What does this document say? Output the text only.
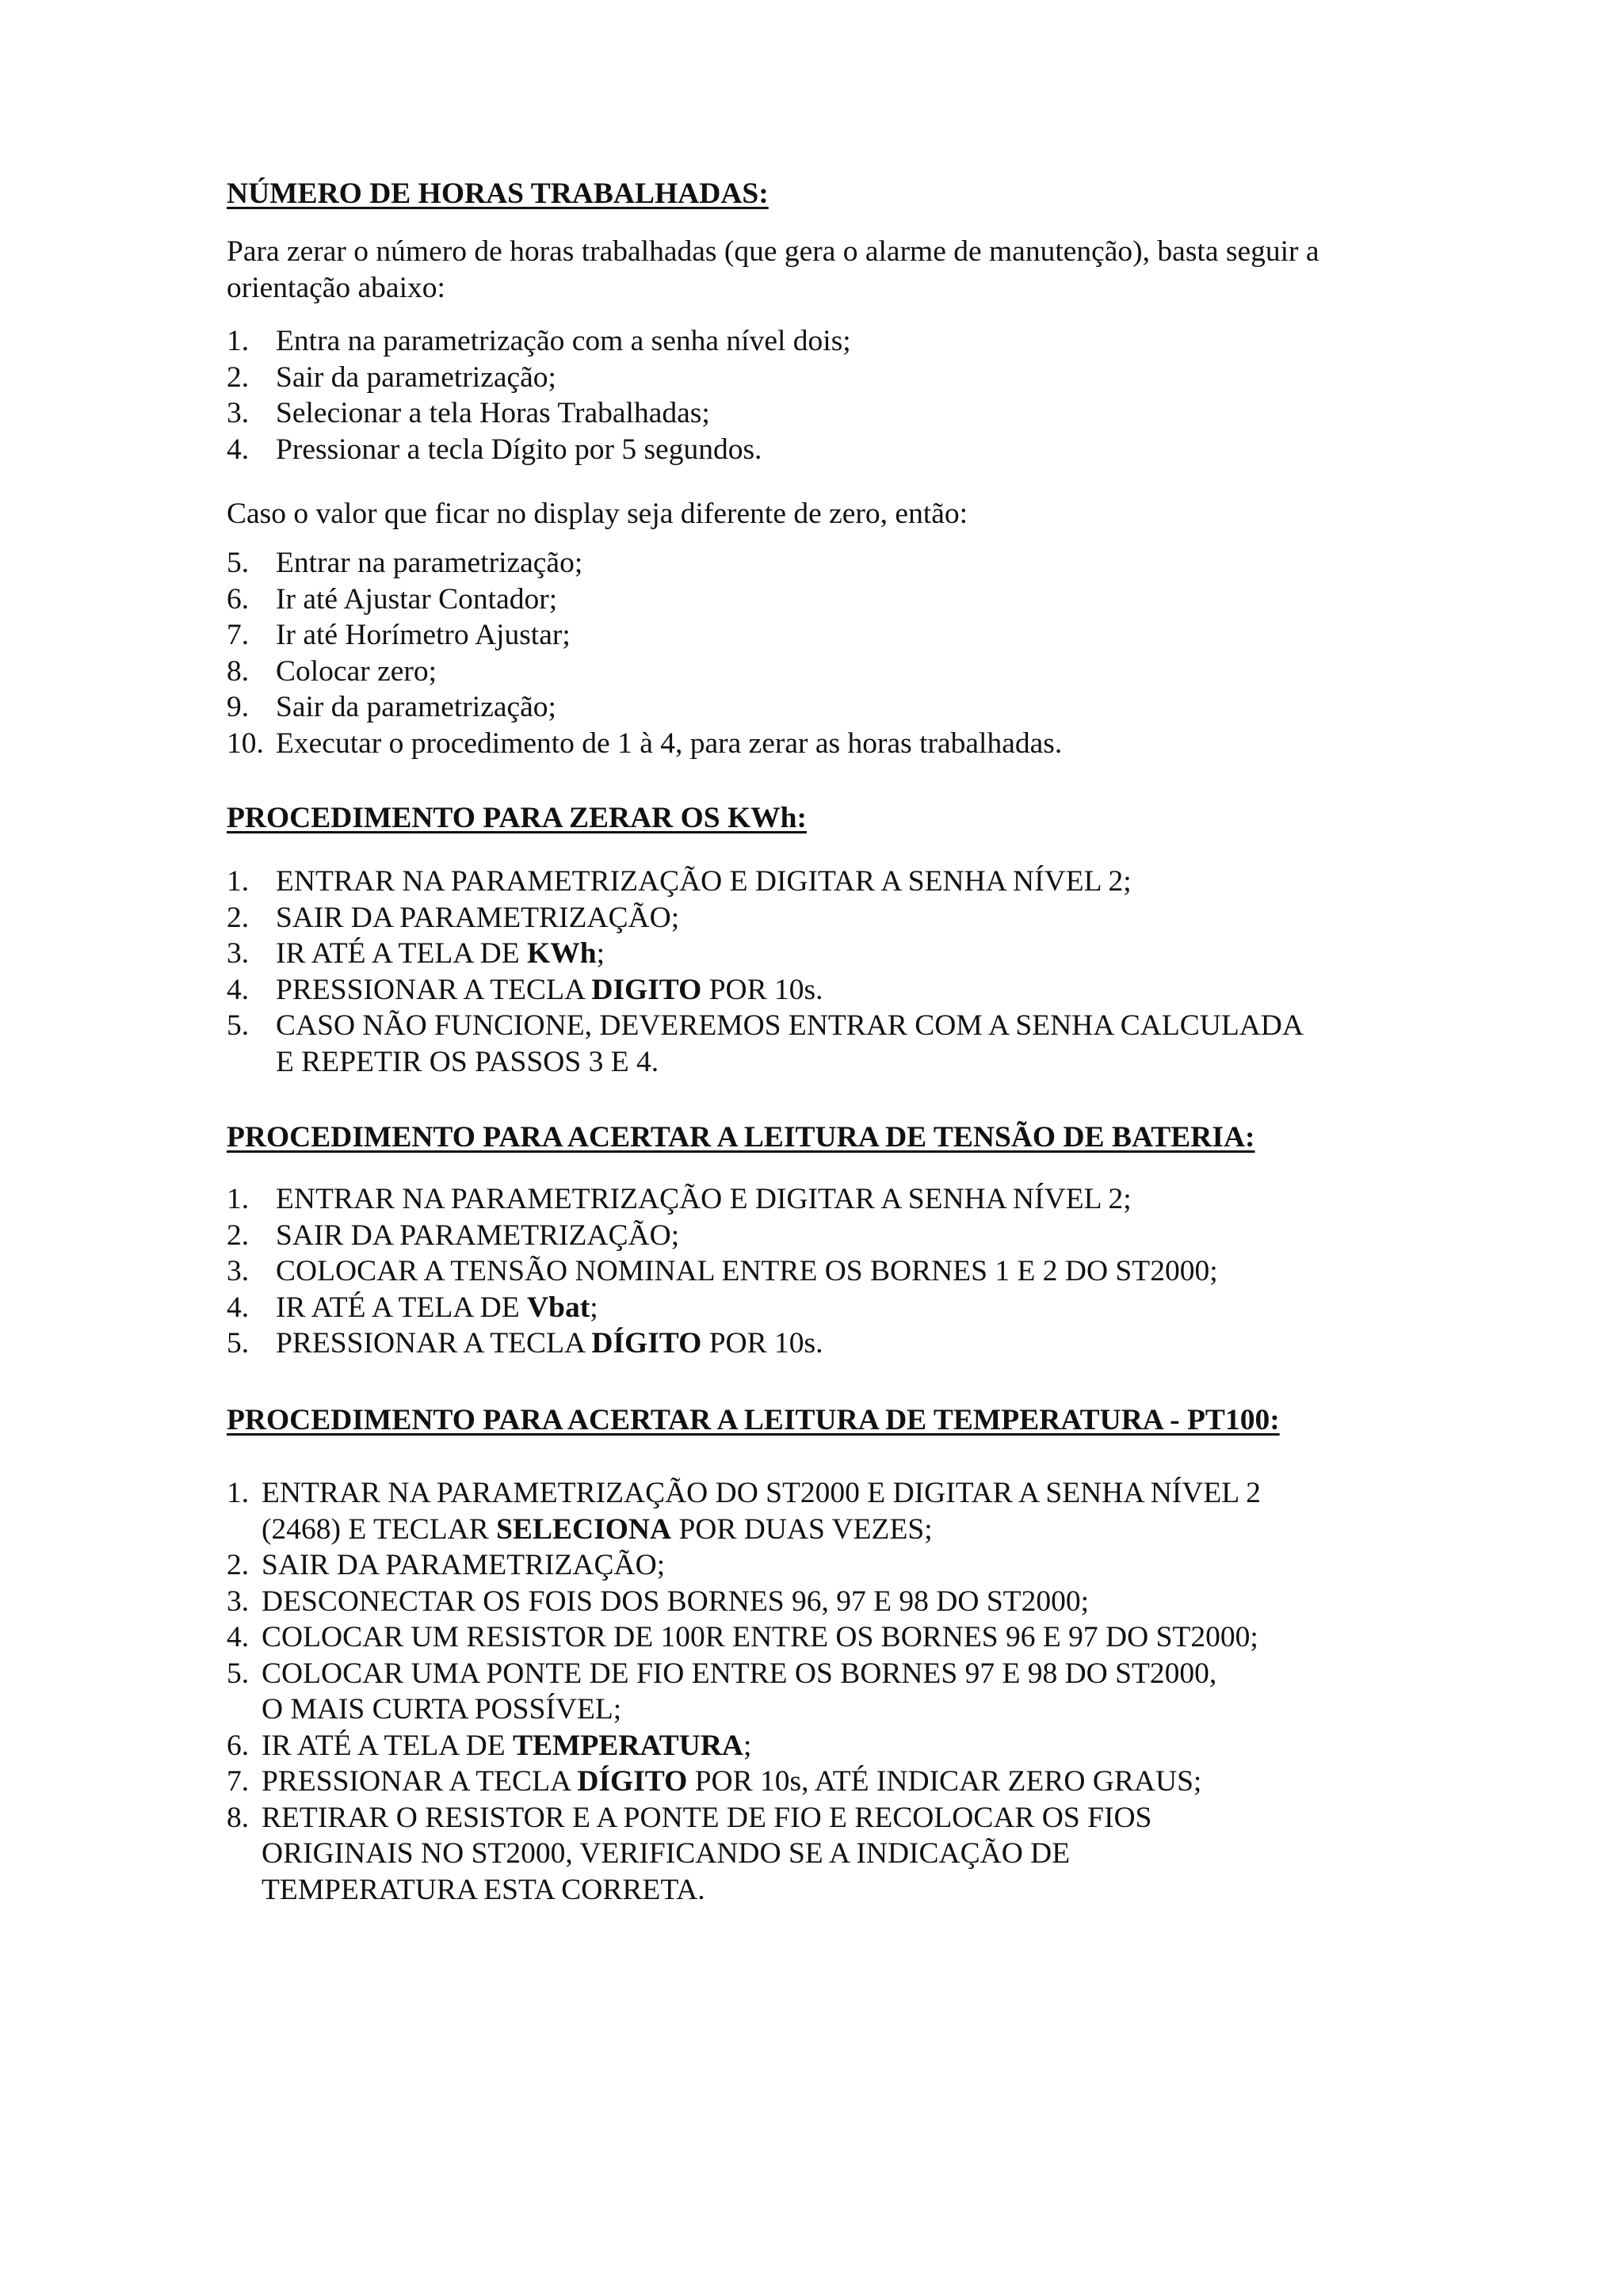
NÚMERO DE HORAS TRABALHADAS:
Para zerar o número de horas trabalhadas (que gera o alarme de manutenção), basta seguir a
orientação abaixo:
1. Entra na parametrização com a senha nível dois;
2. Sair da parametrização;
3. Selecionar a tela Horas Trabalhadas;
4. Pressionar a tecla Dígito por 5 segundos.
Caso o valor que ficar no display seja diferente de zero, então:
5. Entrar na parametrização;
6. Ir até Ajustar Contador;
7. Ir até Horímetro Ajustar;
8. Colocar zero;
9. Sair da parametrização;
10. Executar o procedimento de 1 à 4, para zerar as horas trabalhadas.
PROCEDIMENTO PARA ZERAR OS KWh:
1. ENTRAR NA PARAMETRIZAÇÃO E DIGITAR A SENHA NÍVEL 2;
2. SAIR DA PARAMETRIZAÇÃO;
3. IR ATÉ A TELA DE KWh;
4. PRESSIONAR A TECLA DIGITO POR 10s.
5. CASO NÃO FUNCIONE, DEVEREMOS ENTRAR COM A SENHA CALCULADA
E REPETIR OS PASSOS 3 E 4.
PROCEDIMENTO PARA ACERTAR A LEITURA DE TENSÃO DE BATERIA:
1. ENTRAR NA PARAMETRIZAÇÃO E DIGITAR A SENHA NÍVEL 2;
2. SAIR DA PARAMETRIZAÇÃO;
3. COLOCAR A TENSÃO NOMINAL ENTRE OS BORNES 1 E 2 DO ST2000;
4. IR ATÉ A TELA DE Vbat;
5. PRESSIONAR A TECLA DÍGITO POR 10s.
PROCEDIMENTO PARA ACERTAR A LEITURA DE TEMPERATURA - PT100:
1. ENTRAR NA PARAMETRIZAÇÃO DO ST2000 E DIGITAR A SENHA NÍVEL 2
(2468) E TECLAR SELECIONA POR DUAS VEZES;
2. SAIR DA PARAMETRIZAÇÃO;
3. DESCONECTAR OS FOIS DOS BORNES 96, 97 E 98 DO ST2000;
4. COLOCAR UM RESISTOR DE 100R ENTRE OS BORNES 96 E 97 DO ST2000;
5. COLOCAR UMA PONTE DE FIO ENTRE OS BORNES 97 E 98 DO ST2000,
O MAIS CURTA POSSÍVEL;
6. IR ATÉ A TELA DE TEMPERATURA;
7. PRESSIONAR A TECLA DÍGITO POR 10s, ATÉ INDICAR ZERO GRAUS;
8. RETIRAR O RESISTOR E A PONTE DE FIO E RECOLOCAR OS FIOS
ORIGINAIS NO ST2000, VERIFICANDO SE A INDICAÇÃO DE
TEMPERATURA ESTA CORRETA.
